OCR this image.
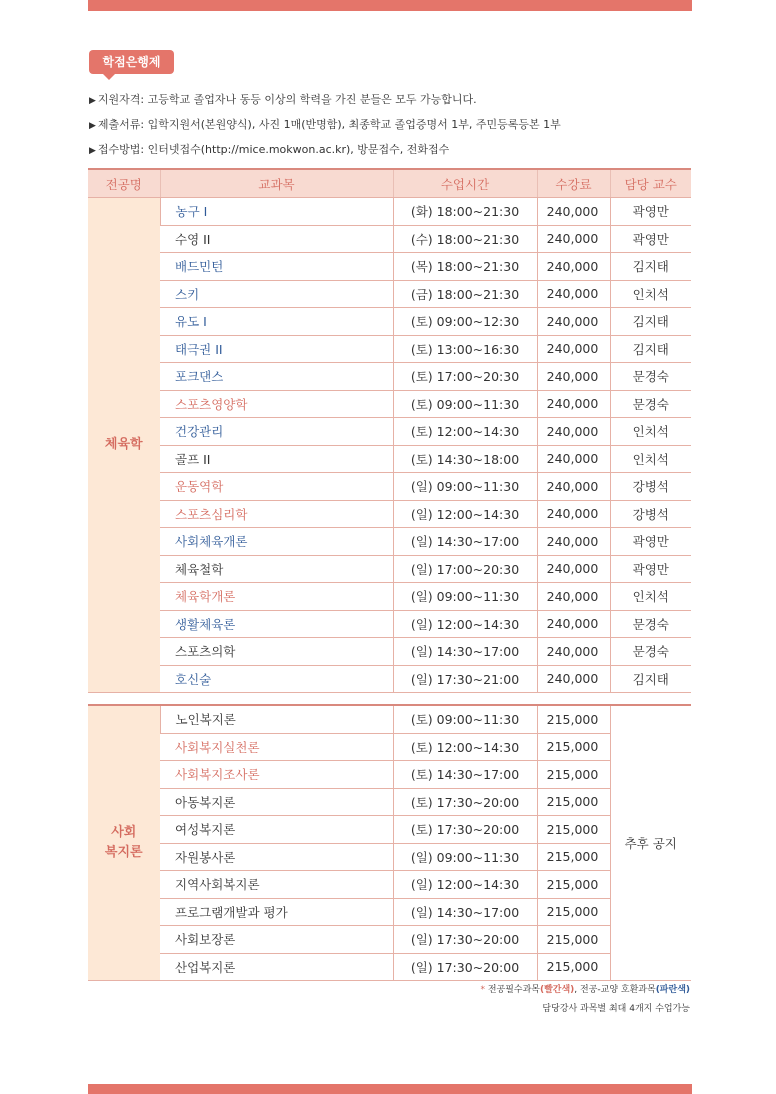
학점은행제
▶ 지원자격: 고등학교 졸업자나 동등 이상의 학력을 가진 분들은 모두 가능합니다.
▶ 제출서류: 입학지원서(본원양식), 사진 1매(반명함), 최종학교 졸업증명서 1부, 주민등록등본 1부
▶ 접수방법: 인터넷접수(http://mice.mokwon.ac.kr), 방문접수, 전화접수
전공명	교과목	수업시간	수강료	담당 교수
체육학	농구 I	(화) 18:00~21:30	240,000	곽영만
	수영 II	(수) 18:00~21:30	240,000	곽영만
	배드민턴	(목) 18:00~21:30	240,000	김지태
	스키	(금) 18:00~21:30	240,000	인치석
	유도 I	(토) 09:00~12:30	240,000	김지태
	태극권 II	(토) 13:00~16:30	240,000	김지태
	포크댄스	(토) 17:00~20:30	240,000	문경숙
	스포츠영양학	(토) 09:00~11:30	240,000	문경숙
	건강관리	(토) 12:00~14:30	240,000	인치석
	골프 II	(토) 14:30~18:00	240,000	인치석
	운동역학	(일) 09:00~11:30	240,000	강병석
	스포츠심리학	(일) 12:00~14:30	240,000	강병석
	사회체육개론	(일) 14:30~17:00	240,000	곽영만
	체육철학	(일) 17:00~20:30	240,000	곽영만
	체육학개론	(일) 09:00~11:30	240,000	인치석
	생활체육론	(일) 12:00~14:30	240,000	문경숙
	스포츠의학	(일) 14:30~17:00	240,000	문경숙
	호신술	(일) 17:30~21:00	240,000	김지태
사회
복지론	노인복지론	(토) 09:00~11:30	215,000	추후 공지
	사회복지실천론	(토) 12:00~14:30	215,000	
	사회복지조사론	(토) 14:30~17:00	215,000	
	아동복지론	(토) 17:30~20:00	215,000	
	여성복지론	(토) 17:30~20:00	215,000	
	자원봉사론	(일) 09:00~11:30	215,000	
	지역사회복지론	(일) 12:00~14:30	215,000	
	프로그램개발과 평가	(일) 14:30~17:00	215,000	
	사회보장론	(일) 17:30~20:00	215,000	
	산업복지론	(일) 17:30~20:00	215,000	
* 전공필수과목(빨간색), 전공-교양 호환과목(파란색)
담당강사 과목별 최대 4개지 수업가능
